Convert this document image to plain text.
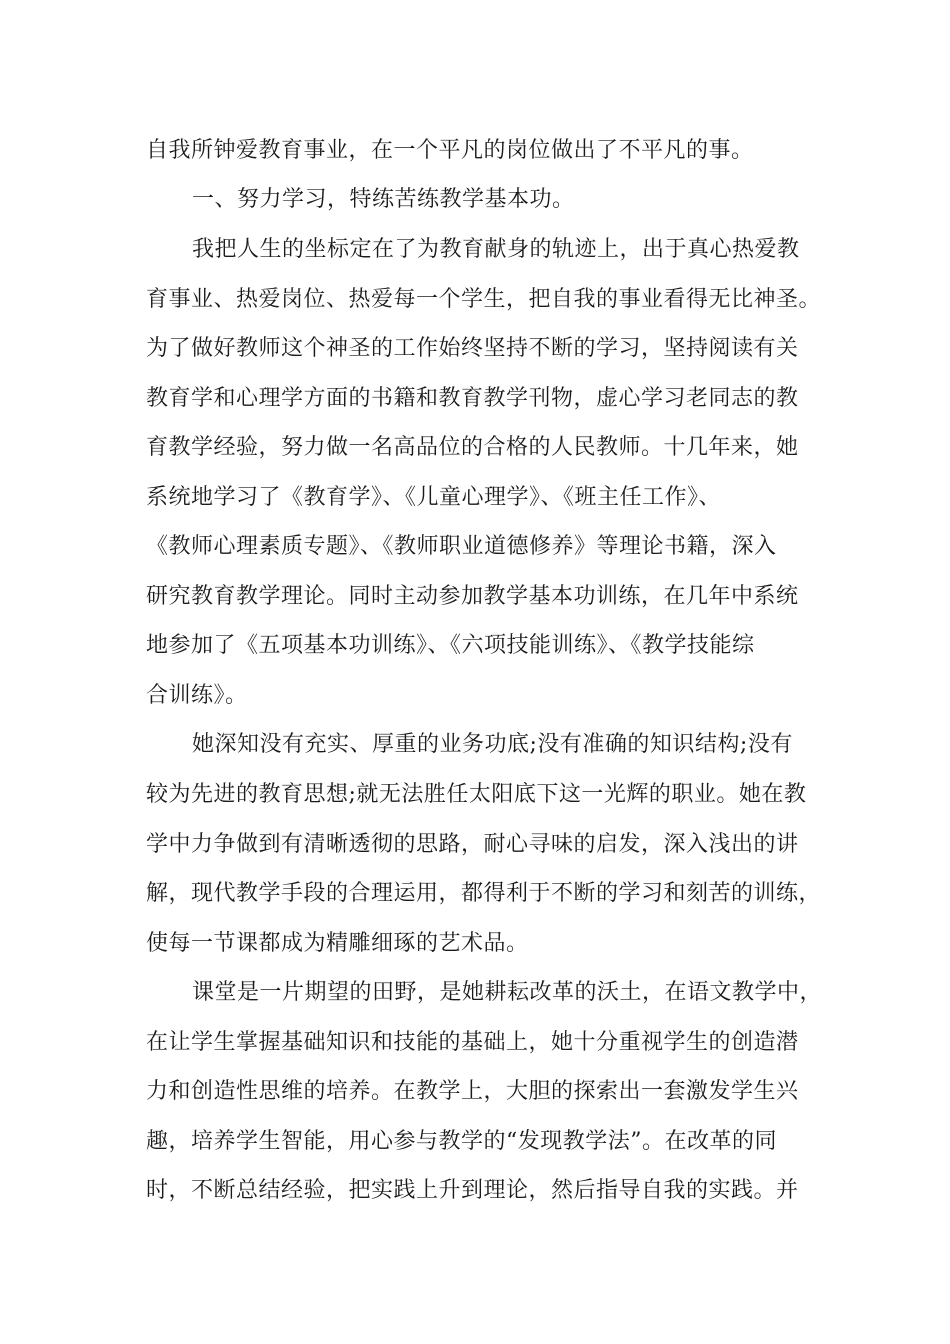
自我所钟爱教育事业，在一个平凡的岗位做出了不平凡的事。
一、努力学习，特练苦练教学基本功。
我把人生的坐标定在了为教育献身的轨迹上，出于真心热爱教
育事业、热爱岗位、热爱每一个学生，把自我的事业看得无比神圣。
为了做好教师这个神圣的工作始终坚持不断的学习，坚持阅读有关
教育学和心理学方面的书籍和教育教学刊物，虚心学习老同志的教
育教学经验，努力做一名高品位的合格的人民教师。十几年来，她
系统地学习了《教育学》、《儿童心理学》、《班主任工作》、
《教师心理素质专题》、《教师职业道德修养》等理论书籍，深入
研究教育教学理论。同时主动参加教学基本功训练，在几年中系统
地参加了《五项基本功训练》、《六项技能训练》、《教学技能综
合训练》。
她深知没有充实、厚重的业务功底;没有准确的知识结构;没有
较为先进的教育思想;就无法胜任太阳底下这一光辉的职业。她在教
学中力争做到有清晰透彻的思路，耐心寻味的启发，深入浅出的讲
解，现代教学手段的合理运用，都得利于不断的学习和刻苦的训练，
使每一节课都成为精雕细琢的艺术品。
课堂是一片期望的田野，是她耕耘改革的沃土，在语文教学中，
在让学生掌握基础知识和技能的基础上，她十分重视学生的创造潜
力和创造性思维的培养。在教学上，大胆的探索出一套激发学生兴
趣，培养学生智能，用心参与教学的“发现教学法”。在改革的同
时，不断总结经验，把实践上升到理论，然后指导自我的实践。并
